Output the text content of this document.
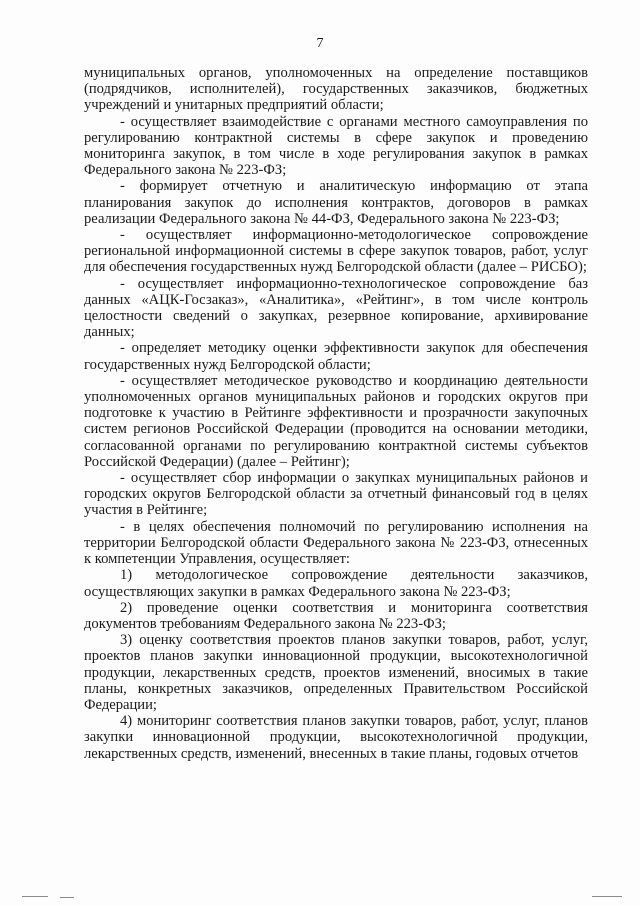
7

муниципальных органов, уполномоченных на определение поставщиков (подрядчиков, исполнителей), государственных заказчиков, бюджетных учреждений и унитарных предприятий области;

- осуществляет взаимодействие с органами местного самоуправления по регулированию контрактной системы в сфере закупок и проведению мониторинга закупок, в том числе в ходе регулирования закупок в рамках Федерального закона № 223-ФЗ;

- формирует отчетную и аналитическую информацию от этапа планирования закупок до исполнения контрактов, договоров в рамках реализации Федерального закона № 44-ФЗ, Федерального закона № 223-ФЗ;

- осуществляет информационно-методологическое сопровождение региональной информационной системы в сфере закупок товаров, работ, услуг для обеспечения государственных нужд Белгородской области (далее – РИСБО);

- осуществляет информационно-технологическое сопровождение баз данных «АЦК-Госзаказ», «Аналитика», «Рейтинг», в том числе контроль целостности сведений о закупках, резервное копирование, архивирование данных;

- определяет методику оценки эффективности закупок для обеспечения государственных нужд Белгородской области;

- осуществляет методическое руководство и координацию деятельности уполномоченных органов муниципальных районов и городских округов при подготовке к участию в Рейтинге эффективности и прозрачности закупочных систем регионов Российской Федерации (проводится на основании методики, согласованной органами по регулированию контрактной системы субъектов Российской Федерации) (далее – Рейтинг);

- осуществляет сбор информации о закупках муниципальных районов и городских округов Белгородской области за отчетный финансовый год в целях участия в Рейтинге;

- в целях обеспечения полномочий по регулированию исполнения на территории Белгородской области Федерального закона № 223-ФЗ, отнесенных к компетенции Управления, осуществляет:

1) методологическое сопровождение деятельности заказчиков, осуществляющих закупки в рамках Федерального закона № 223-ФЗ;

2) проведение оценки соответствия и мониторинга соответствия документов требованиям Федерального закона № 223-ФЗ;

3) оценку соответствия проектов планов закупки товаров, работ, услуг, проектов планов закупки инновационной продукции, высокотехнологичной продукции, лекарственных средств, проектов изменений, вносимых в такие планы, конкретных заказчиков, определенных Правительством Российской Федерации;

4) мониторинг соответствия планов закупки товаров, работ, услуг, планов закупки инновационной продукции, высокотехнологичной продукции, лекарственных средств, изменений, внесенных в такие планы, годовых отчетов
